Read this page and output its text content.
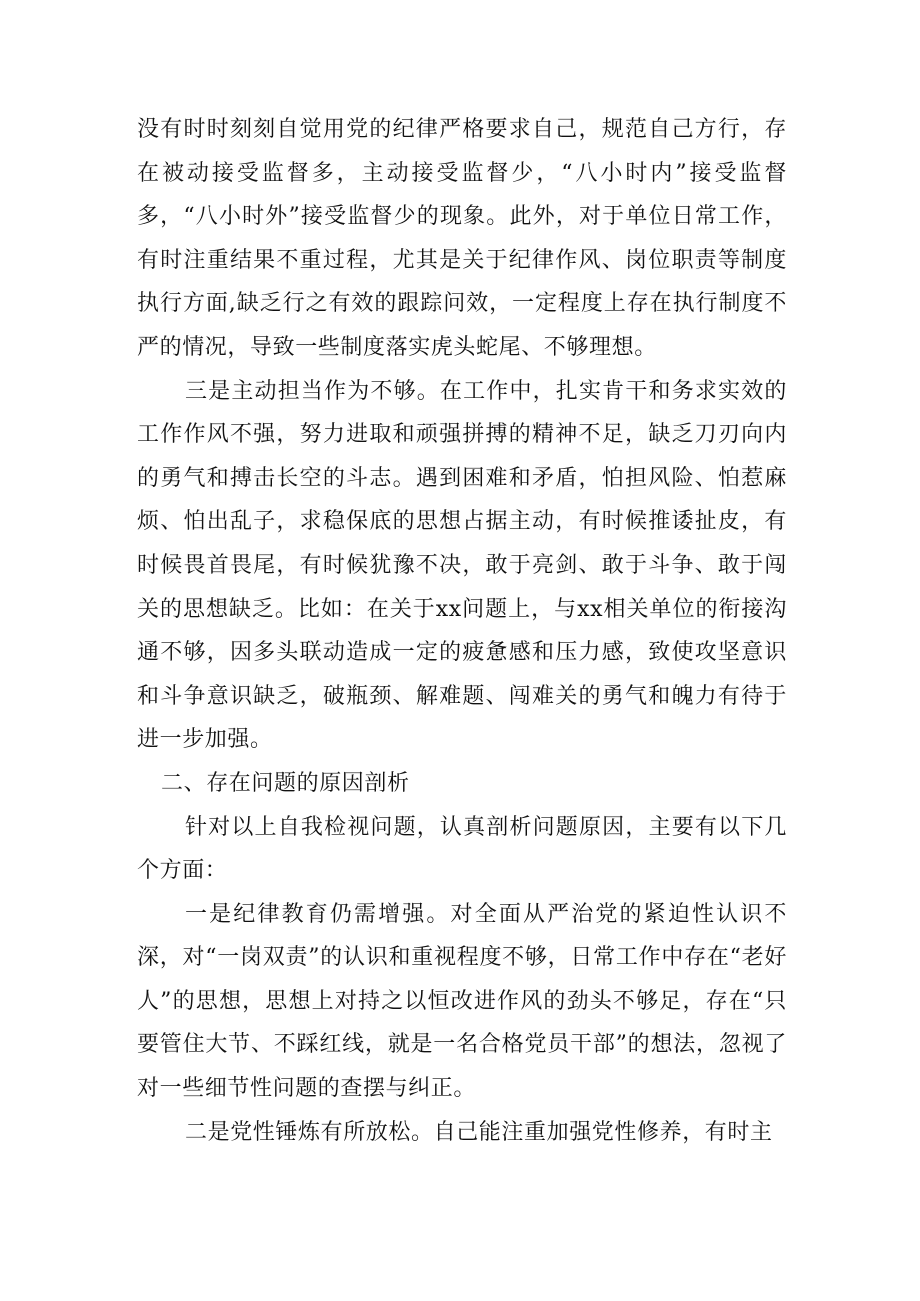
没有时时刻刻自觉用党的纪律严格要求自己，规范自己方行，存在被动接受监督多，主动接受监督少，“八小时内”接受监督多，“八小时外”接受监督少的现象。此外，对于单位日常工作，有时注重结果不重过程，尤其是关于纪律作风、岗位职责等制度执行方面,缺乏行之有效的跟踪问效，一定程度上存在执行制度不严的情况，导致一些制度落实虎头蛇尾、不够理想。

三是主动担当作为不够。在工作中，扎实肯干和务求实效的工作作风不强，努力进取和顽强拼搏的精神不足，缺乏刀刃向内的勇气和搏击长空的斗志。遇到困难和矛盾，怕担风险、怕惹麻烦、怕出乱子，求稳保底的思想占据主动，有时候推诿扯皮，有时候畏首畏尾，有时候犹豫不决，敢于亮剑、敢于斗争、敢于闯关的思想缺乏。比如：在关于xx问题上，与xx相关单位的衔接沟通不够，因多头联动造成一定的疲惫感和压力感，致使攻坚意识和斗争意识缺乏，破瓶颈、解难题、闯难关的勇气和魄力有待于进一步加强。

二、存在问题的原因剖析

针对以上自我检视问题，认真剖析问题原因，主要有以下几个方面：

一是纪律教育仍需增强。对全面从严治党的紧迫性认识不深，对“一岗双责”的认识和重视程度不够，日常工作中存在“老好人”的思想，思想上对持之以恒改进作风的劲头不够足，存在“只要管住大节、不踩红线，就是一名合格党员干部”的想法，忽视了对一些细节性问题的查摆与纠正。

二是党性锤炼有所放松。自己能注重加强党性修养，有时主
